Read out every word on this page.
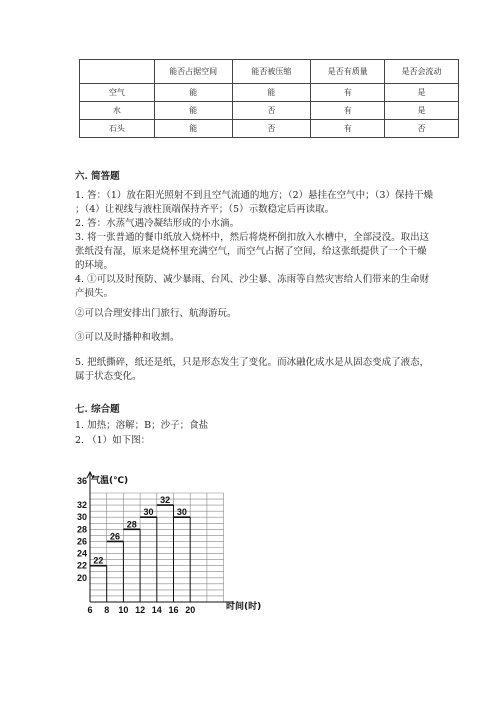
	能否占据空间	能否被压缩	是否有质量	是否会流动
空气	能	能	有	是
水	能	否	有	是
石头	能	否	有	否
六. 简答题

1. 答：（1）放在阳光照射不到且空气流通的地方；（2）悬挂在空气中；（3）保持干燥 ；（4）让视线与液柱顶端保持齐平；（5）示数稳定后再读取。

2. 答：水蒸气遇冷凝结形成的小水滴。

3. 将一张普通的餐巾纸放入烧杯中，然后将烧杯倒扣放入水槽中，全部浸没。取出这张纸没有湿，原来是烧杯里充满空气，而空气占据了空间，给这张纸提供了一个干燥的环境。

4. ①可以及时预防、减少暴雨、台风、沙尘暴、冻雨等自然灾害给人们带来的生命财产损失。

②可以合理安排出门旅行、航海游玩。

③可以及时播种和收割。

5. 把纸撕碎，纸还是纸，只是形态发生了变化。而冰融化成水是从固态变成了液态，属于状态变化。

七. 综合题

1. 加热；溶解；B；沙子；食盐

2. （1）如下图：

22
26
28
30
32
30
20
22
24
26
28
30
32
36
6 8 10 12 14 16 20
气温(℃)
时间(时)
